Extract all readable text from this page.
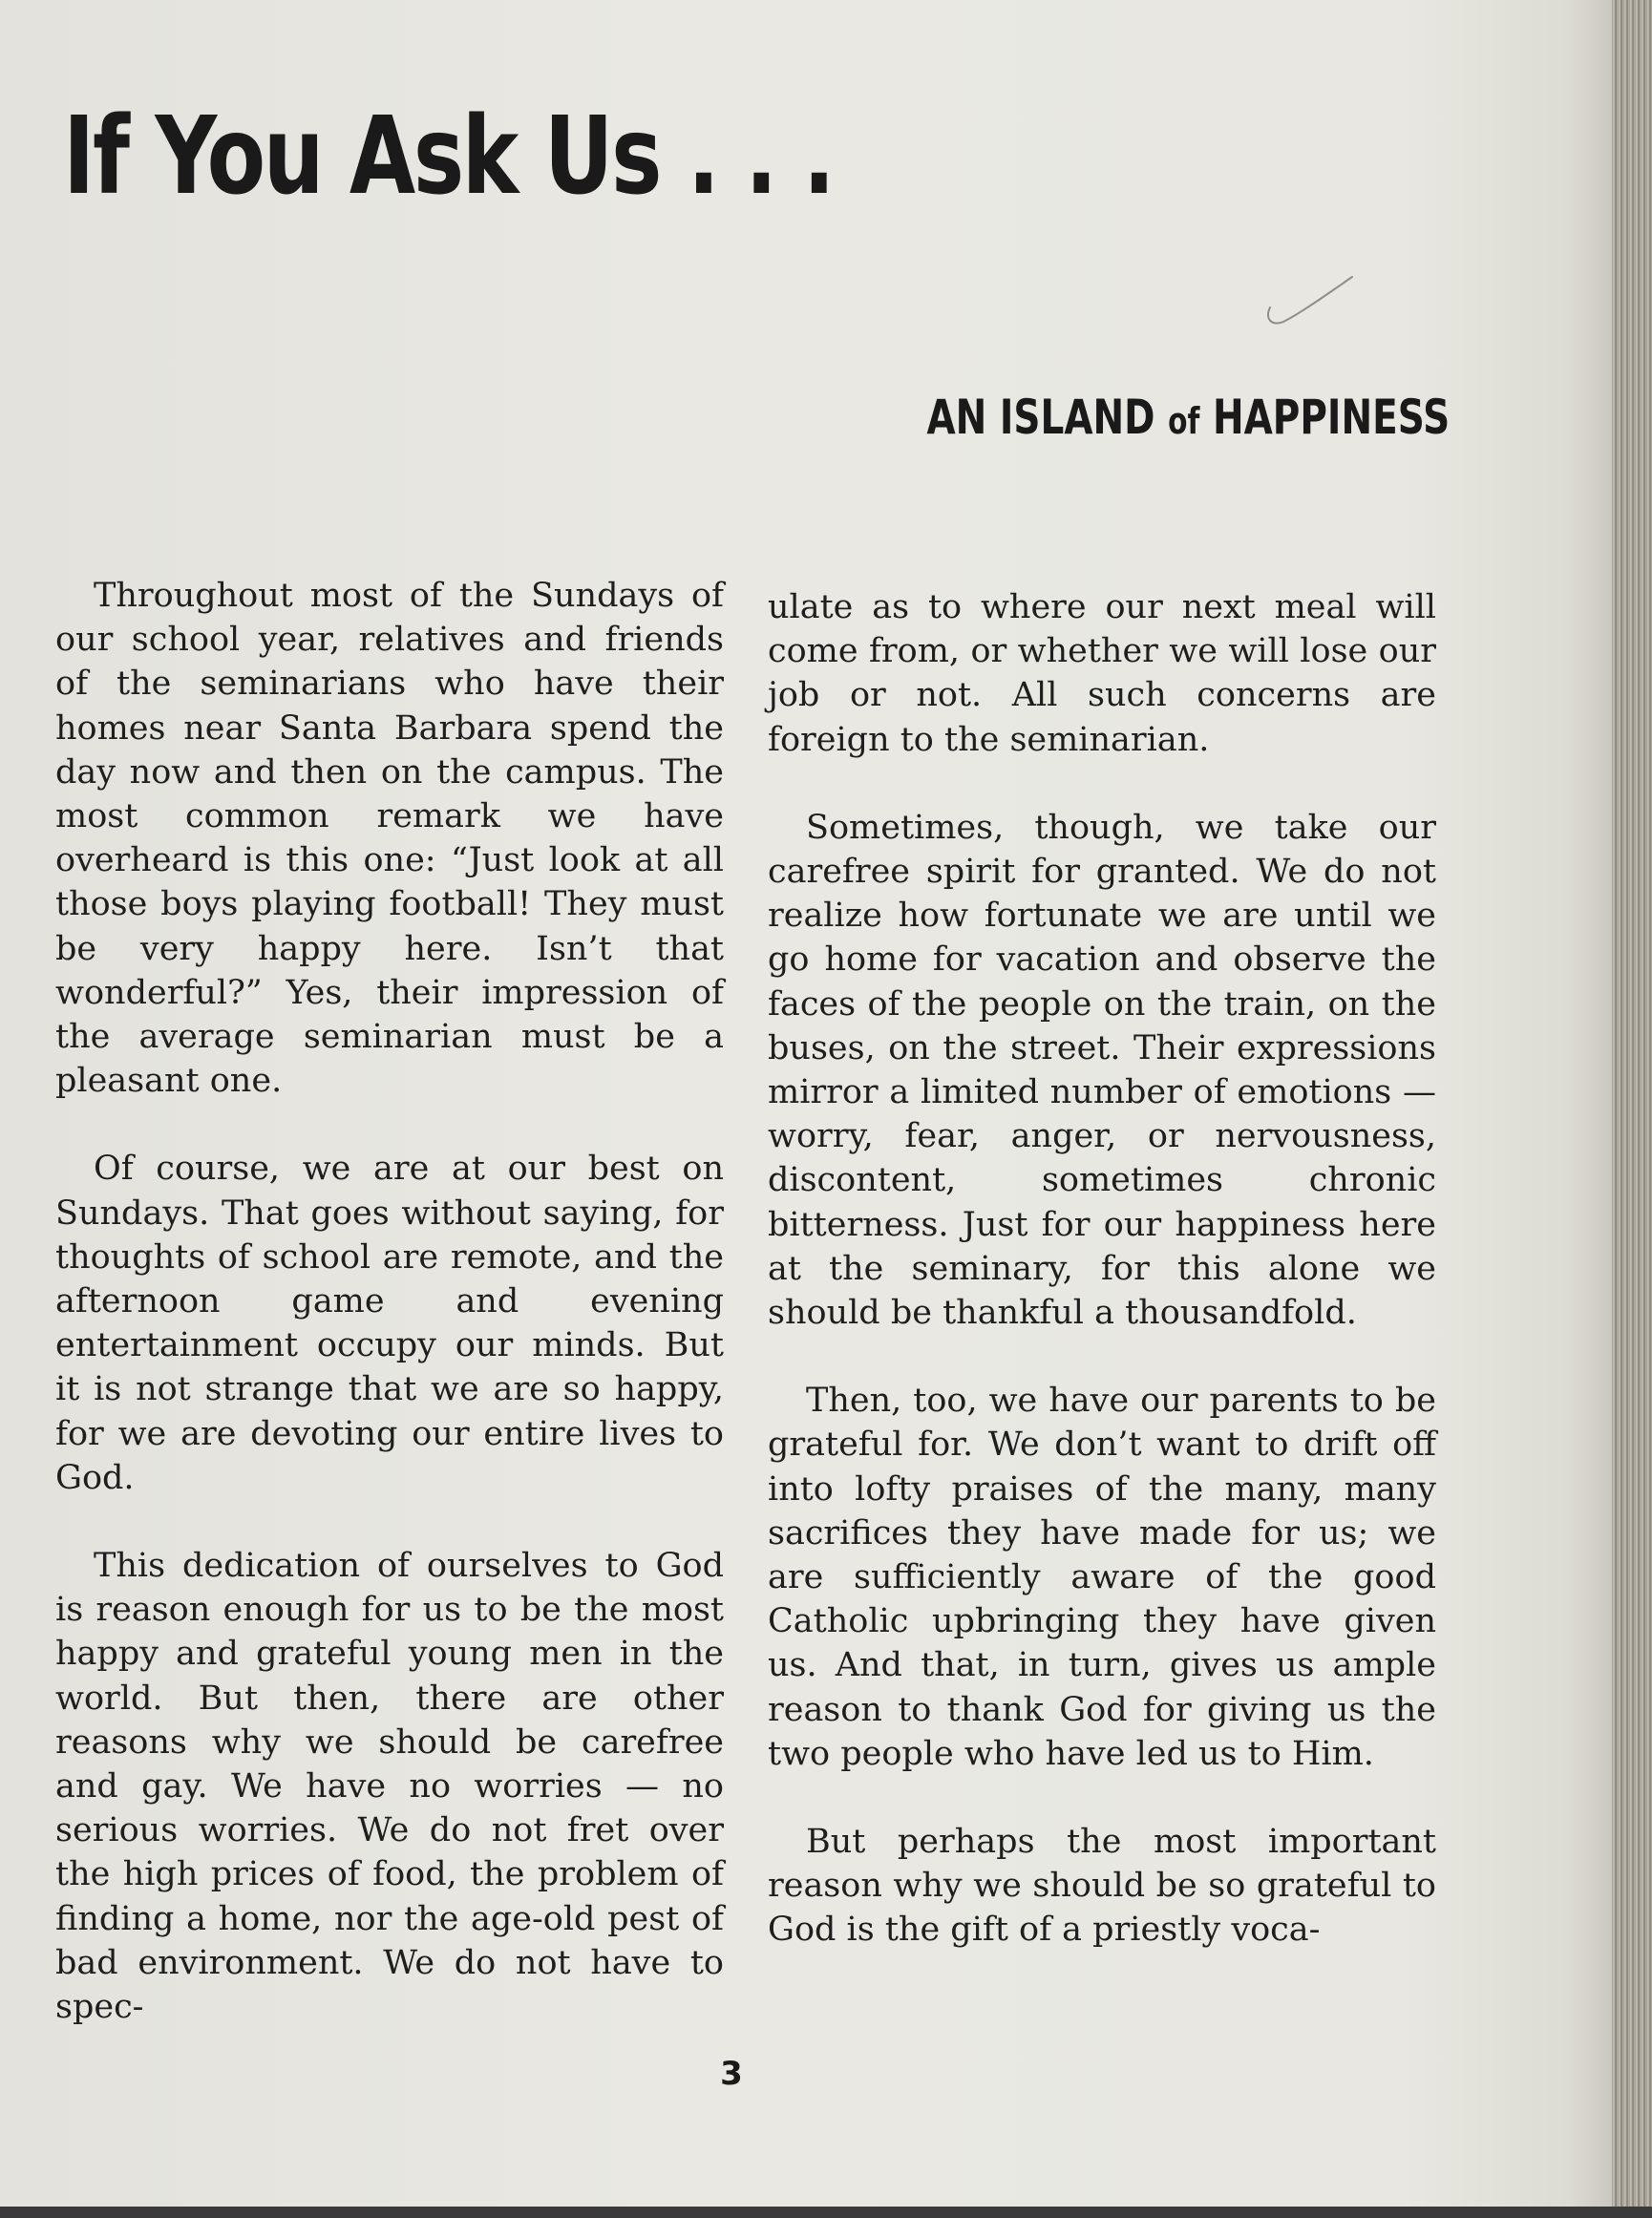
If You Ask Us . . .
AN ISLAND of HAPPINESS

Throughout most of the Sundays of our school year, relatives and friends of the seminarians who have their homes near Santa Barbara spend the day now and then on the campus. The most common remark we have overheard is this one: “Just look at all those boys playing football! They must be very happy here. Isn’t that wonderful?” Yes, their impression of the average seminarian must be a pleasant one.

Of course, we are at our best on Sundays. That goes without saying, for thoughts of school are remote, and the afternoon game and evening entertainment occupy our minds. But it is not strange that we are so happy, for we are devoting our entire lives to God.

This dedication of ourselves to God is reason enough for us to be the most happy and grateful young men in the world. But then, there are other reasons why we should be carefree and gay. We have no worries — no serious worries. We do not fret over the high prices of food, the problem of finding a home, nor the age-old pest of bad environment. We do not have to spec-

ulate as to where our next meal will come from, or whether we will lose our job or not. All such concerns are foreign to the seminarian.

Sometimes, though, we take our carefree spirit for granted. We do not realize how fortunate we are until we go home for vacation and observe the faces of the people on the train, on the buses, on the street. Their expressions mirror a limited number of emotions — worry, fear, anger, or nervousness, discontent, sometimes chronic bitterness. Just for our happiness here at the seminary, for this alone we should be thankful a thousandfold.

Then, too, we have our parents to be grateful for. We don’t want to drift off into lofty praises of the many, many sacrifices they have made for us; we are sufficiently aware of the good Catholic upbringing they have given us. And that, in turn, gives us ample reason to thank God for giving us the two people who have led us to Him.

But perhaps the most important reason why we should be so grateful to God is the gift of a priestly voca-

3
